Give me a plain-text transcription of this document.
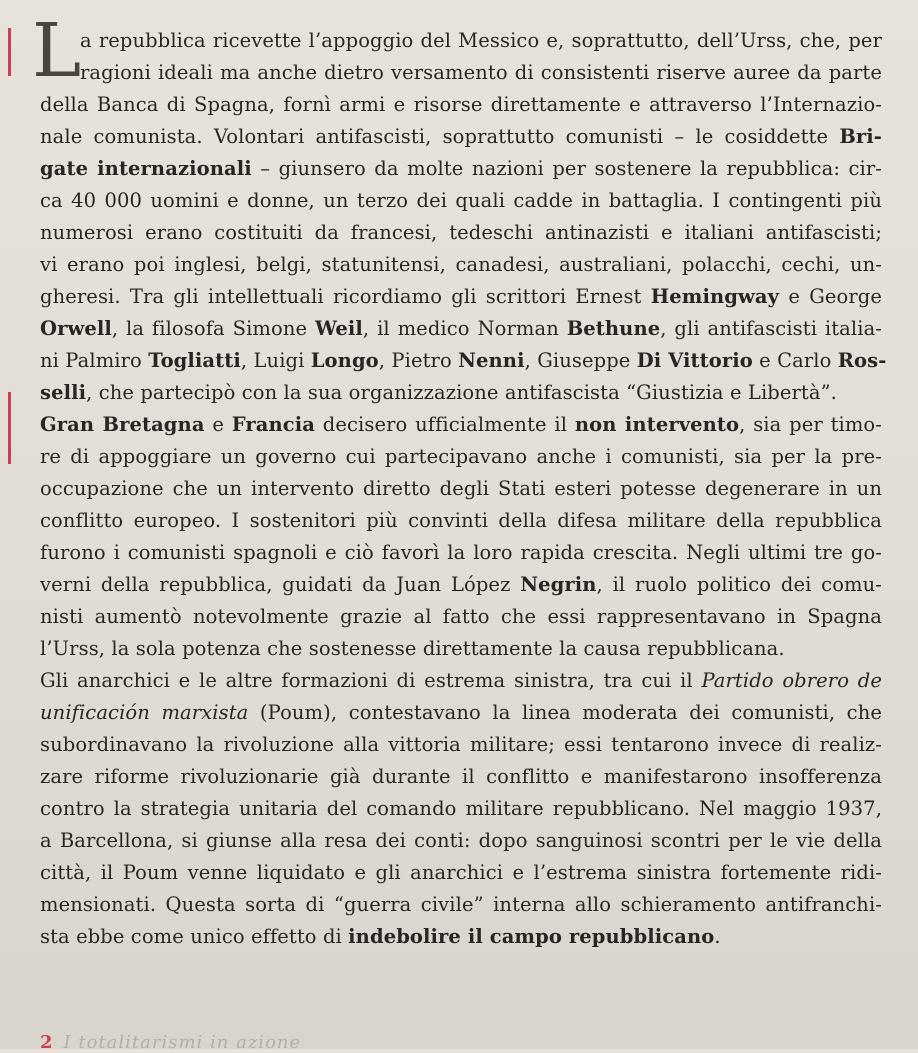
L
a repubblica ricevette l’appoggio del Messico e, soprattutto, dell’Urss, che, per
ragioni ideali ma anche dietro versamento di consistenti riserve auree da parte
della Banca di Spagna, fornì armi e risorse direttamente e attraverso l’Internazio-
nale comunista. Volontari antifascisti, soprattutto comunisti – le cosiddette Bri-
gate internazionali – giunsero da molte nazioni per sostenere la repubblica: cir-
ca 40 000 uomini e donne, un terzo dei quali cadde in battaglia. I contingenti più
numerosi erano costituiti da francesi, tedeschi antinazisti e italiani antifascisti;
vi erano poi inglesi, belgi, statunitensi, canadesi, australiani, polacchi, cechi, un-
gheresi. Tra gli intellettuali ricordiamo gli scrittori Ernest Hemingway e George
Orwell, la filosofa Simone Weil, il medico Norman Bethune, gli antifascisti italia-
ni Palmiro Togliatti, Luigi Longo, Pietro Nenni, Giuseppe Di Vittorio e Carlo Ros-
selli, che partecipò con la sua organizzazione antifascista “Giustizia e Libertà”.
Gran Bretagna e Francia decisero ufficialmente il non intervento, sia per timo-
re di appoggiare un governo cui partecipavano anche i comunisti, sia per la pre-
occupazione che un intervento diretto degli Stati esteri potesse degenerare in un
conflitto europeo. I sostenitori più convinti della difesa militare della repubblica
furono i comunisti spagnoli e ciò favorì la loro rapida crescita. Negli ultimi tre go-
verni della repubblica, guidati da Juan López Negrin, il ruolo politico dei comu-
nisti aumentò notevolmente grazie al fatto che essi rappresentavano in Spagna
l’Urss, la sola potenza che sostenesse direttamente la causa repubblicana.
Gli anarchici e le altre formazioni di estrema sinistra, tra cui il Partido obrero de
unificación marxista (Poum), contestavano la linea moderata dei comunisti, che
subordinavano la rivoluzione alla vittoria militare; essi tentarono invece di realiz-
zare riforme rivoluzionarie già durante il conflitto e manifestarono insofferenza
contro la strategia unitaria del comando militare repubblicano. Nel maggio 1937,
a Barcellona, si giunse alla resa dei conti: dopo sanguinosi scontri per le vie della
città, il Poum venne liquidato e gli anarchici e l’estrema sinistra fortemente ridi-
mensionati. Questa sorta di “guerra civile” interna allo schieramento antifranchi-
sta ebbe come unico effetto di indebolire il campo repubblicano.
2 I totalitarismi in azione
